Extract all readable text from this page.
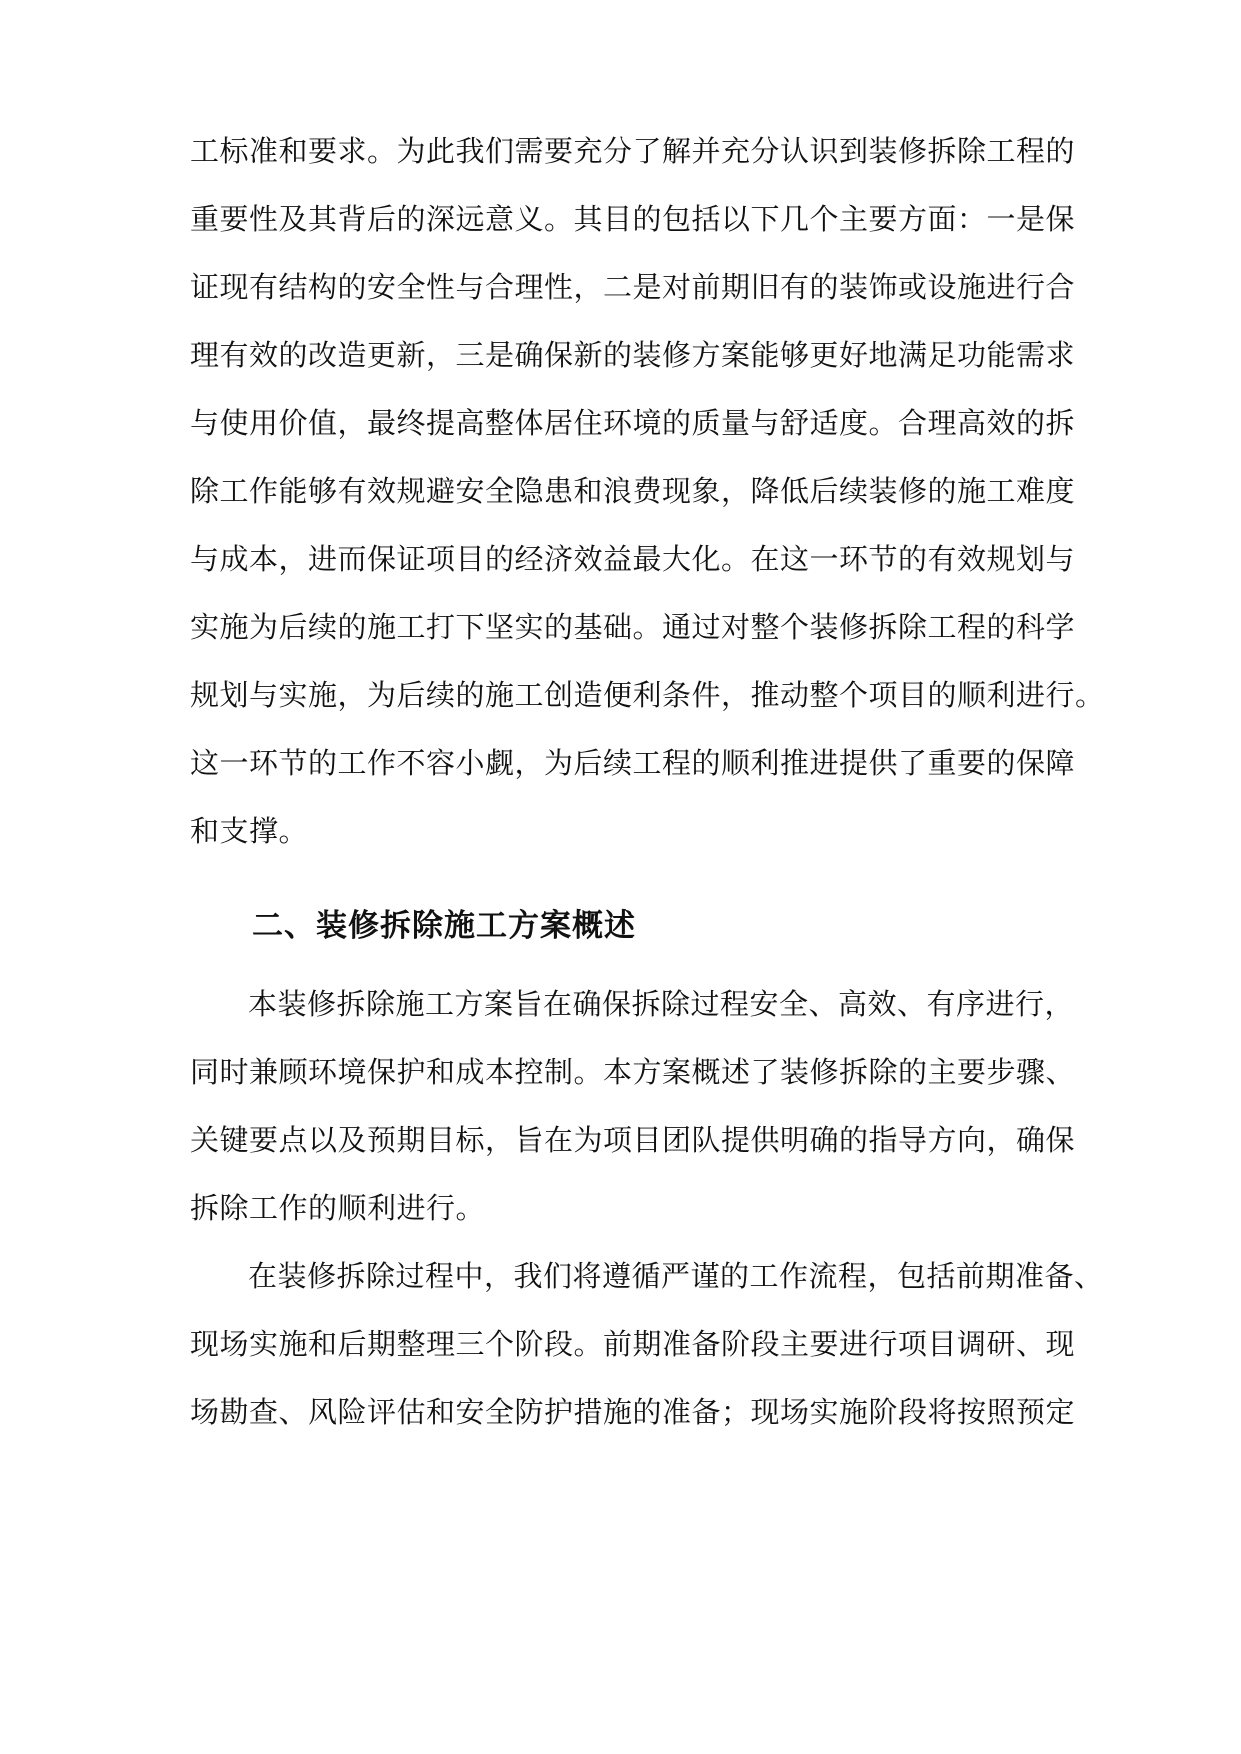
工标准和要求。为此我们需要充分了解并充分认识到装修拆除工程的
重要性及其背后的深远意义。其目的包括以下几个主要方面：一是保
证现有结构的安全性与合理性，二是对前期旧有的装饰或设施进行合
理有效的改造更新，三是确保新的装修方案能够更好地满足功能需求
与使用价值，最终提高整体居住环境的质量与舒适度。合理高效的拆
除工作能够有效规避安全隐患和浪费现象，降低后续装修的施工难度
与成本，进而保证项目的经济效益最大化。在这一环节的有效规划与
实施为后续的施工打下坚实的基础。通过对整个装修拆除工程的科学
规划与实施，为后续的施工创造便利条件，推动整个项目的顺利进行。
这一环节的工作不容小觑，为后续工程的顺利推进提供了重要的保障
和支撑。
二、装修拆除施工方案概述
本装修拆除施工方案旨在确保拆除过程安全、高效、有序进行，
同时兼顾环境保护和成本控制。本方案概述了装修拆除的主要步骤、
关键要点以及预期目标，旨在为项目团队提供明确的指导方向，确保
拆除工作的顺利进行。
在装修拆除过程中，我们将遵循严谨的工作流程，包括前期准备、
现场实施和后期整理三个阶段。前期准备阶段主要进行项目调研、现
场勘查、风险评估和安全防护措施的准备；现场实施阶段将按照预定
